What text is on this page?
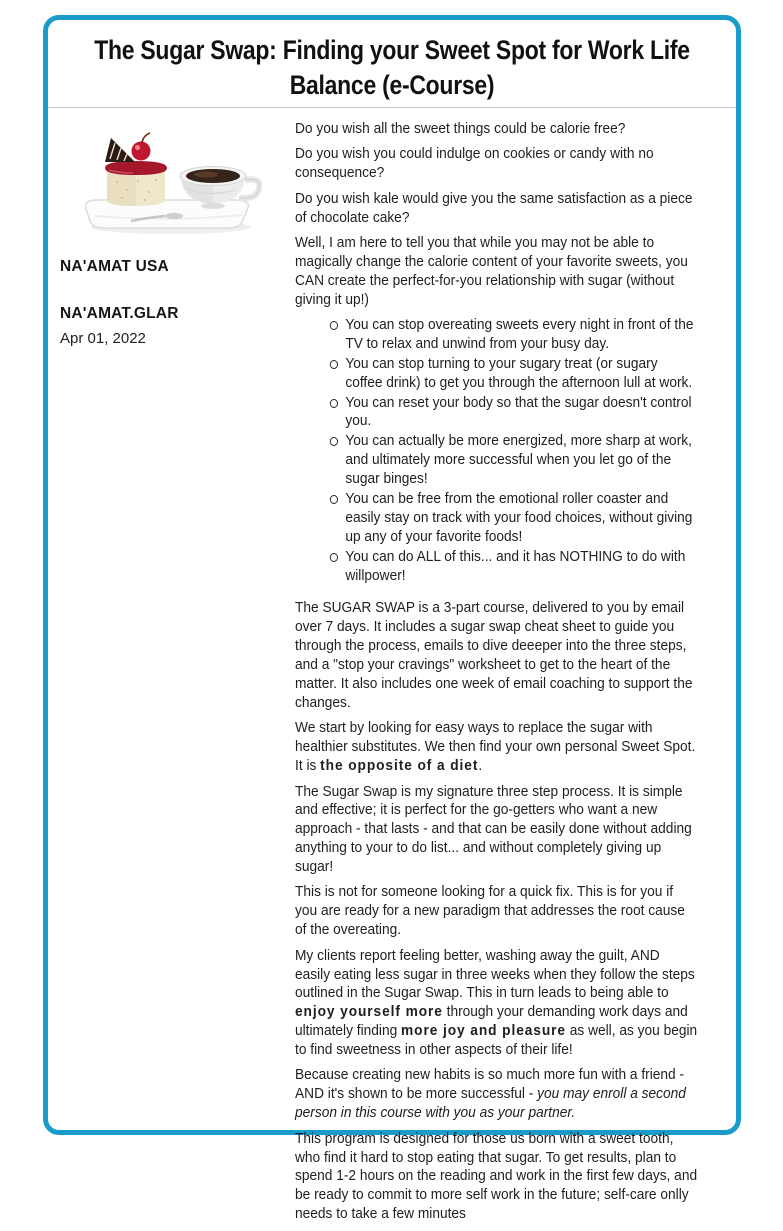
The Sugar Swap: Finding your Sweet Spot for Work Life Balance (e-Course)
NA'AMAT USA
NA'AMAT.GLAR
Apr 01, 2022

Do you wish all the sweet things could be calorie free?

Do you wish you could indulge on cookies or candy with no consequence?

Do you wish kale would give you the same satisfaction as a piece of chocolate cake?

Well, I am here to tell you that while you may not be able to magically change the calorie content of your favorite sweets, you CAN create the perfect-for-you relationship with sugar (without giving it up!)

You can stop overeating sweets every night in front of the TV to relax and unwind from your busy day.
You can stop turning to your sugary treat (or sugary coffee drink) to get you through the afternoon lull at work.
You can reset your body so that the sugar doesn't control you.
You can actually be more energized, more sharp at work, and ultimately more successful when you let go of the sugar binges!
You can be free from the emotional roller coaster and easily stay on track with your food choices, without giving up any of your favorite foods!
You can do ALL of this... and it has NOTHING to do with willpower!

The SUGAR SWAP is a 3-part course, delivered to you by email over 7 days. It includes a sugar swap cheat sheet to guide you through the process, emails to dive deeeper into the three steps, and a "stop your cravings" worksheet to get to the heart of the matter. It also includes one week of email coaching to support the changes.

We start by looking for easy ways to replace the sugar with healthier substitutes. We then find your own personal Sweet Spot. It is the opposite of a diet.

The Sugar Swap is my signature three step process. It is simple and effective; it is perfect for the go-getters who want a new approach - that lasts - and that can be easily done without adding anything to your to do list... and without completely giving up sugar!

This is not for someone looking for a quick fix. This is for you if you are ready for a new paradigm that addresses the root cause of the overeating.

My clients report feeling better, washing away the guilt, AND easily eating less sugar in three weeks when they follow the steps outlined in the Sugar Swap. This in turn leads to being able to enjoy yourself more through your demanding work days and ultimately finding more joy and pleasure as well, as you begin to find sweetness in other aspects of their life!

Because creating new habits is so much more fun with a friend - AND it's shown to be more successful - you may enroll a second person in this course with you as your partner.

This program is designed for those us born with a sweet tooth, who find it hard to stop eating that sugar. To get results, plan to spend 1-2 hours on the reading and work in the first few days, and be ready to commit to more self work in the future; self-care onlly needs to take a few minutes
